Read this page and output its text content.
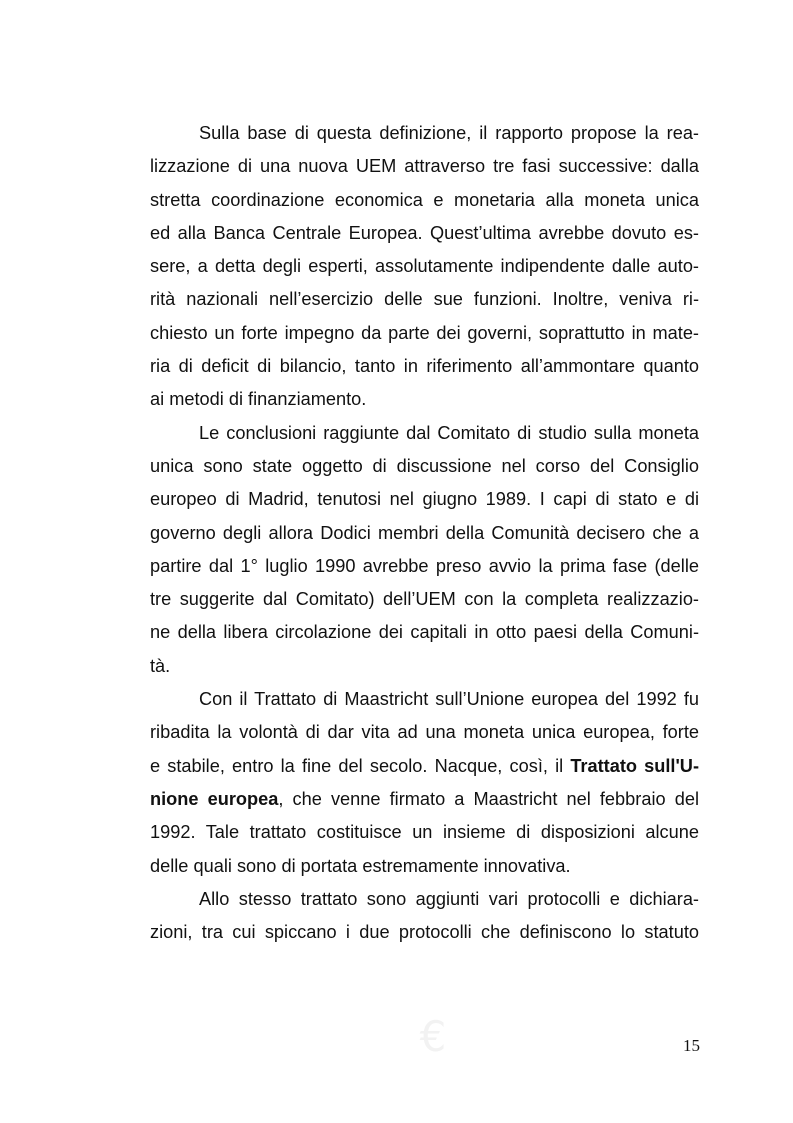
Sulla base di questa definizione, il rapporto propose la rea-
lizzazione di una nuova UEM attraverso tre fasi successive: dalla
stretta coordinazione economica e monetaria alla moneta unica
ed alla Banca Centrale Europea. Quest’ultima avrebbe dovuto es-
sere, a detta degli esperti, assolutamente indipendente dalle auto-
rità nazionali nell’esercizio delle sue funzioni. Inoltre, veniva ri-
chiesto un forte impegno da parte dei governi, soprattutto in mate-
ria di deficit di bilancio, tanto in riferimento all’ammontare quanto
ai metodi di finanziamento.
Le conclusioni raggiunte dal Comitato di studio sulla moneta
unica sono state oggetto di discussione nel corso del Consiglio
europeo di Madrid, tenutosi nel giugno 1989. I capi di stato e di
governo degli allora Dodici membri della Comunità decisero che a
partire dal 1° luglio 1990 avrebbe preso avvio la prima fase (delle
tre suggerite dal Comitato) dell’UEM con la completa realizzazio-
ne della libera circolazione dei capitali in otto paesi della Comuni-
tà.
Con il Trattato di Maastricht sull’Unione europea del 1992 fu
ribadita la volontà di dar vita ad una moneta unica europea, forte
e stabile, entro la fine del secolo. Nacque, così, il Trattato sull'U-
nione europea, che venne firmato a Maastricht nel febbraio del
1992. Tale trattato costituisce un insieme di disposizioni alcune
delle quali sono di portata estremamente innovativa.
Allo stesso trattato sono aggiunti vari protocolli e dichiara-
zioni, tra cui spiccano i due protocolli che definiscono lo statuto
€	15
